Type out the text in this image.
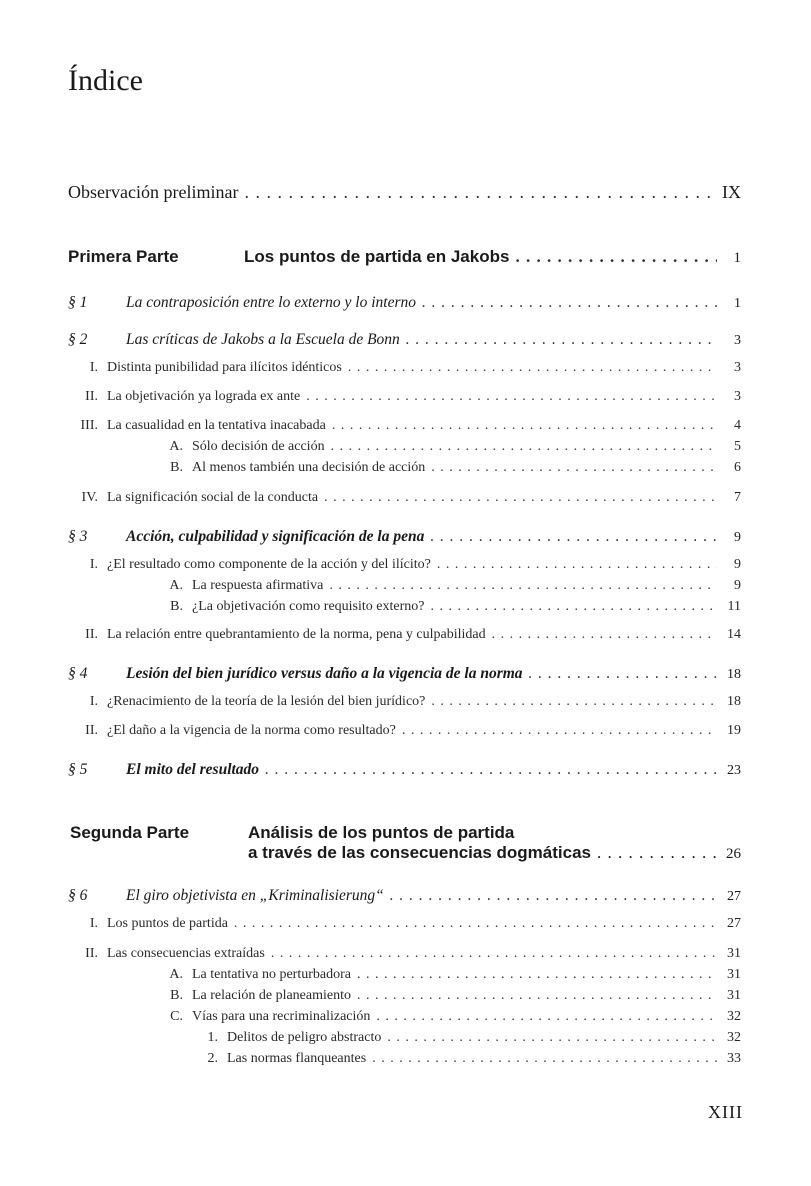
Índice
Observación preliminar . . .	IX
Primera Parte	Los puntos de partida en Jakobs . . .	1
§ 1	La contraposición entre lo externo y lo interno . . .	1
§ 2	Las críticas de Jakobs a la Escuela de Bonn . . .	3
I. Distinta punibilidad para ilícitos idénticos . . .	3
II. La objetivación ya lograda ex ante . . .	3
III. La casualidad en la tentativa inacabada . . .	4
A. Sólo decisión de acción . . .	5
B. Al menos también una decisión de acción . . .	6
IV. La significación social de la conducta . . .	7
§ 3	Acción, culpabilidad y significación de la pena . . .	9
I. ¿El resultado como componente de la acción y del ilícito? . . .	9
A. La respuesta afirmativa . . .	9
B. ¿La objetivación como requisito externo? . . .	11
II. La relación entre quebrantamiento de la norma, pena y culpabilidad . . .	14
§ 4	Lesión del bien jurídico versus daño a la vigencia de la norma . . .	18
I. ¿Renacimiento de la teoría de la lesión del bien jurídico? . . .	18
II. ¿El daño a la vigencia de la norma como resultado? . . .	19
§ 5	El mito del resultado . . .	23
Segunda Parte	Análisis de los puntos de partida
a través de las consecuencias dogmáticas . . .	26
§ 6	El giro objetivista en „Kriminalisierung“ . . .	27
I. Los puntos de partida . . .	27
II. Las consecuencias extraídas . . .	31
A. La tentativa no perturbadora . . .	31
B. La relación de planeamiento . . .	31
C. Vías para una recriminalización . . .	32
1. Delitos de peligro abstracto . . .	32
2. Las normas flanqueantes . . .	33
XIII
